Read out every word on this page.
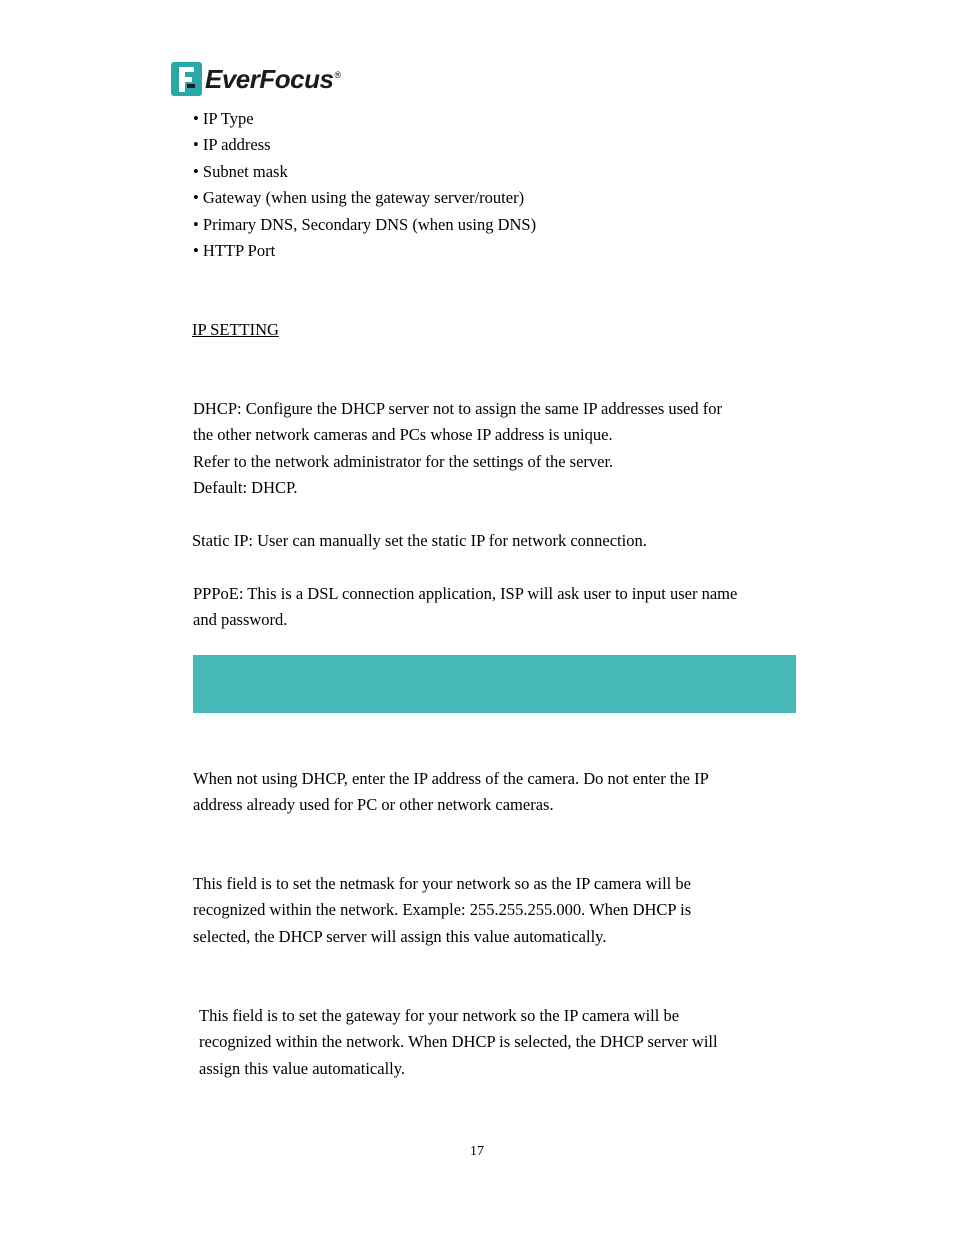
EverFocus ®
• IP Type
• IP address
• Subnet mask
• Gateway (when using the gateway server/router)
• Primary DNS, Secondary DNS (when using DNS)
• HTTP Port
IP SETTING
DHCP: Configure the DHCP server not to assign the same IP addresses used for
the other network cameras and PCs whose IP address is unique.
Refer to the network administrator for the settings of the server.
Default: DHCP.
Static IP: User can manually set the static IP for network connection.
PPPoE: This is a DSL connection application, ISP will ask user to input user name
and password.
When not using DHCP, enter the IP address of the camera. Do not enter the IP
address already used for PC or other network cameras.
This field is to set the netmask for your network so as the IP camera will be
recognized within the network. Example: 255.255.255.000. When DHCP is
selected, the DHCP server will assign this value automatically.
This field is to set the gateway for your network so the IP camera will be
recognized within the network. When DHCP is selected, the DHCP server will
assign this value automatically.
17
